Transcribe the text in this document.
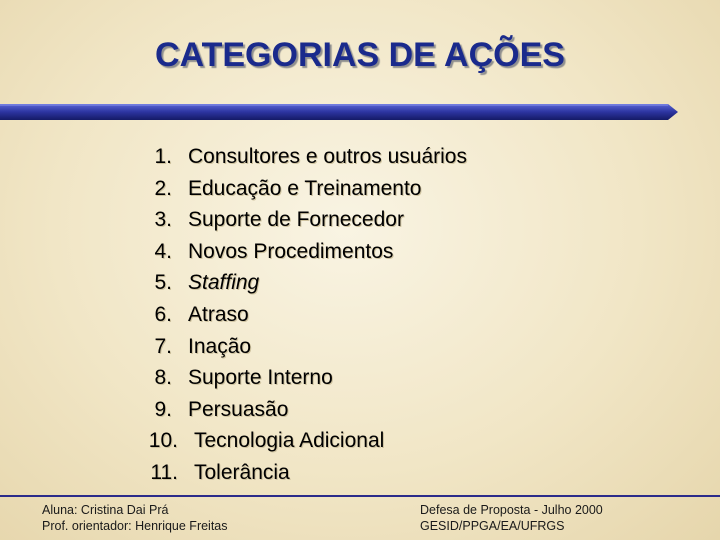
CATEGORIAS DE AÇÕES
1. Consultores e outros usuários
2. Educação e Treinamento
3. Suporte de Fornecedor
4. Novos Procedimentos
5. Staffing
6. Atraso
7. Inação
8. Suporte Interno
9. Persuasão
10. Tecnologia Adicional
11. Tolerância
Aluna: Cristina Dai Prá
Prof. orientador: Henrique Freitas
Defesa de Proposta - Julho 2000
GESID/PPGA/EA/UFRGS
